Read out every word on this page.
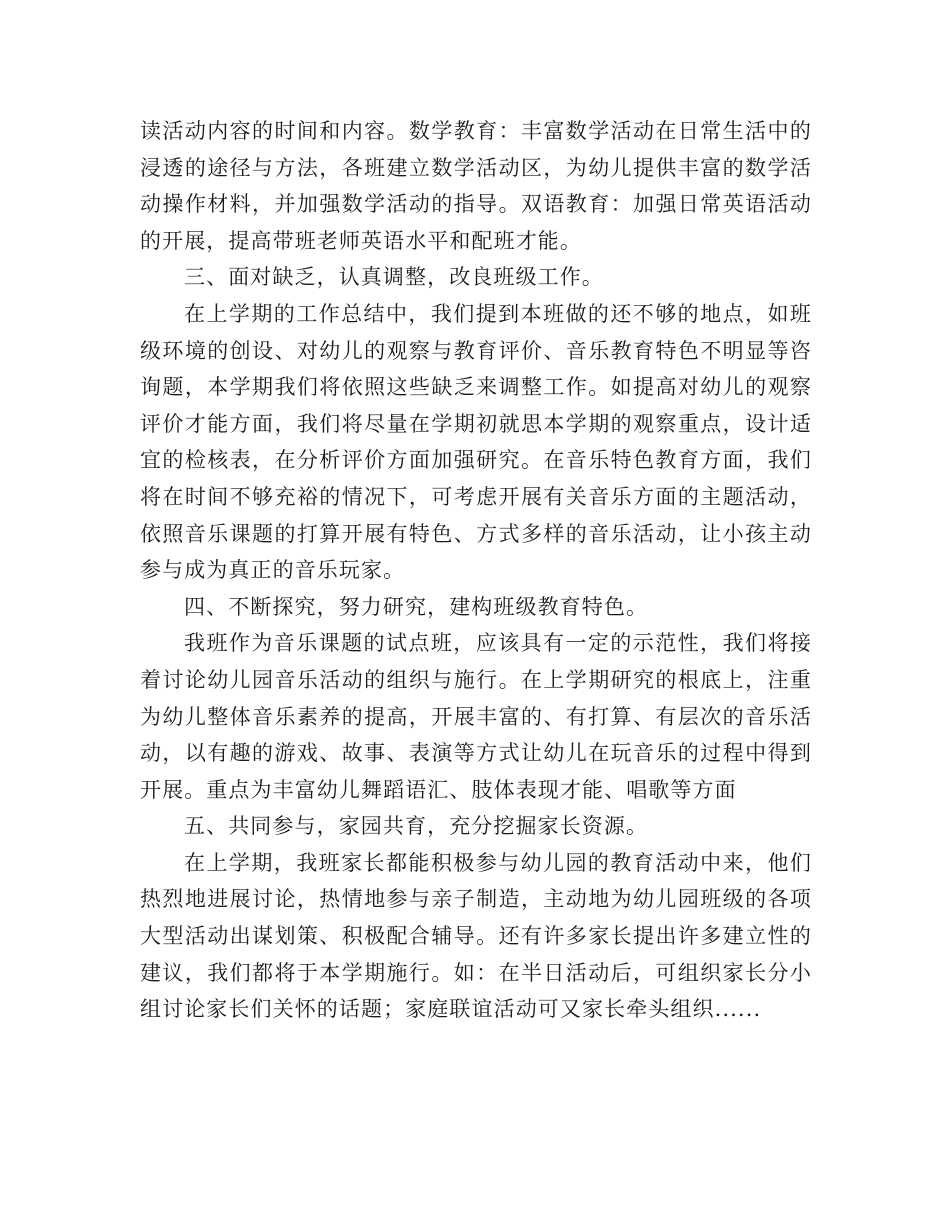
读活动内容的时间和内容。数学教育：丰富数学活动在日常生活中的浸透的途径与方法，各班建立数学活动区，为幼儿提供丰富的数学活动操作材料，并加强数学活动的指导。双语教育：加强日常英语活动的开展，提高带班老师英语水平和配班才能。

三、面对缺乏，认真调整，改良班级工作。

在上学期的工作总结中，我们提到本班做的还不够的地点，如班级环境的创设、对幼儿的观察与教育评价、音乐教育特色不明显等咨询题，本学期我们将依照这些缺乏来调整工作。如提高对幼儿的观察评价才能方面，我们将尽量在学期初就思本学期的观察重点，设计适宜的检核表，在分析评价方面加强研究。在音乐特色教育方面，我们将在时间不够充裕的情况下，可考虑开展有关音乐方面的主题活动，依照音乐课题的打算开展有特色、方式多样的音乐活动，让小孩主动参与成为真正的音乐玩家。

四、不断探究，努力研究，建构班级教育特色。

我班作为音乐课题的试点班，应该具有一定的示范性，我们将接着讨论幼儿园音乐活动的组织与施行。在上学期研究的根底上，注重为幼儿整体音乐素养的提高，开展丰富的、有打算、有层次的音乐活动，以有趣的游戏、故事、表演等方式让幼儿在玩音乐的过程中得到开展。重点为丰富幼儿舞蹈语汇、肢体表现才能、唱歌等方面

五、共同参与，家园共育，充分挖掘家长资源。

在上学期，我班家长都能积极参与幼儿园的教育活动中来，他们热烈地进展讨论，热情地参与亲子制造，主动地为幼儿园班级的各项大型活动出谋划策、积极配合辅导。还有许多家长提出许多建立性的建议，我们都将于本学期施行。如：在半日活动后，可组织家长分小组讨论家长们关怀的话题；家庭联谊活动可又家长牵头组织......
